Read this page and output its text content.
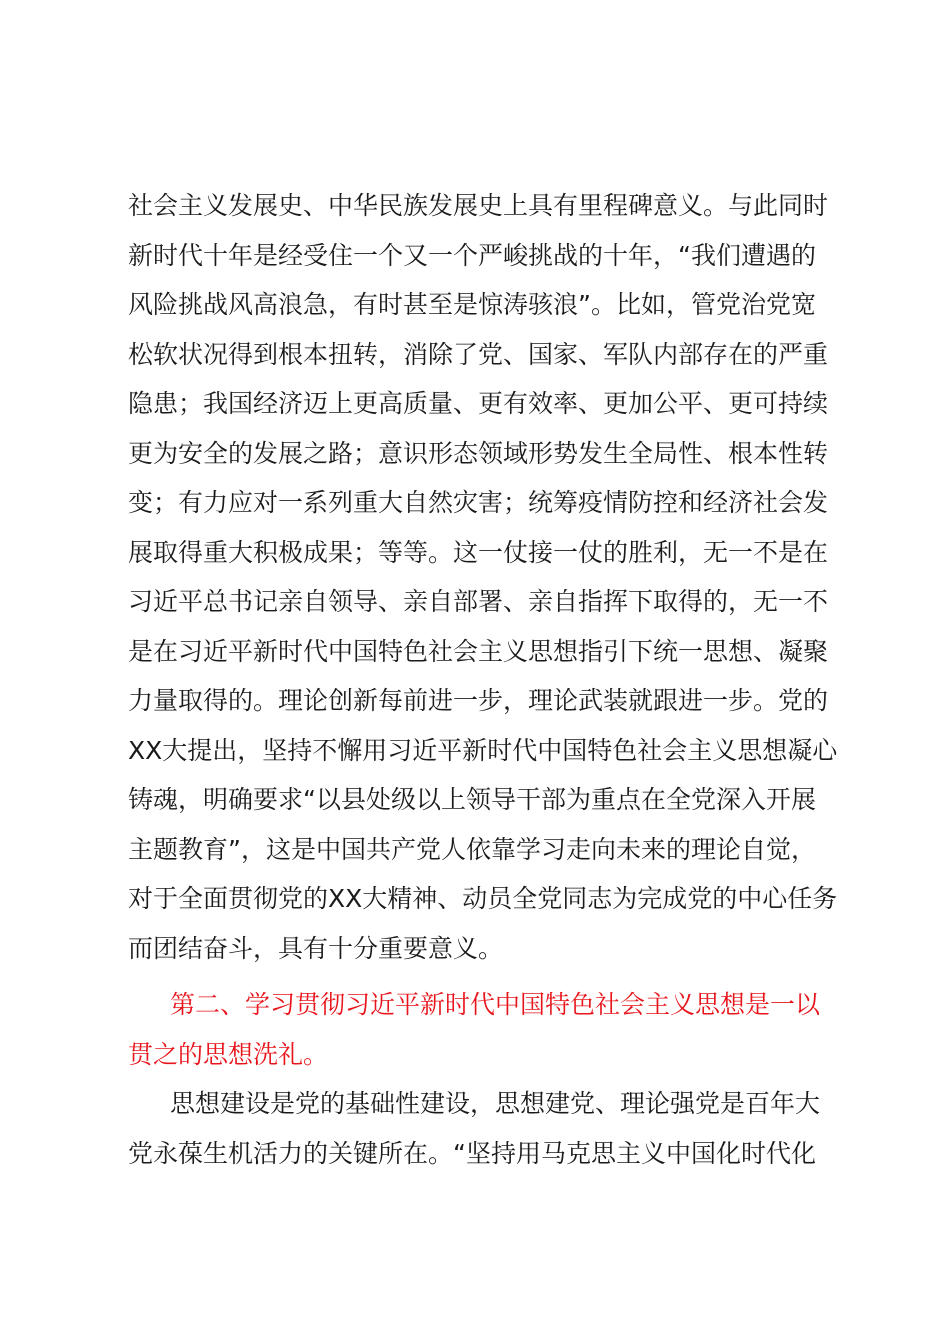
社会主义发展史、中华民族发展史上具有里程碑意义。与此同时
新时代十年是经受住一个又一个严峻挑战的十年，“我们遭遇的
风险挑战风高浪急，有时甚至是惊涛骇浪”。比如，管党治党宽
松软状况得到根本扭转，消除了党、国家、军队内部存在的严重
隐患；我国经济迈上更高质量、更有效率、更加公平、更可持续
更为安全的发展之路；意识形态领域形势发生全局性、根本性转
变；有力应对一系列重大自然灾害；统筹疫情防控和经济社会发
展取得重大积极成果；等等。这一仗接一仗的胜利，无一不是在
习近平总书记亲自领导、亲自部署、亲自指挥下取得的，无一不
是在习近平新时代中国特色社会主义思想指引下统一思想、凝聚
力量取得的。理论创新每前进一步，理论武装就跟进一步。党的
XX大提出，坚持不懈用习近平新时代中国特色社会主义思想凝心
铸魂，明确要求“以县处级以上领导干部为重点在全党深入开展
主题教育”，这是中国共产党人依靠学习走向未来的理论自觉，
对于全面贯彻党的XX大精神、动员全党同志为完成党的中心任务
而团结奋斗，具有十分重要意义。
第二、学习贯彻习近平新时代中国特色社会主义思想是一以
贯之的思想洗礼。
思想建设是党的基础性建设，思想建党、理论强党是百年大
党永葆生机活力的关键所在。“坚持用马克思主义中国化时代化
